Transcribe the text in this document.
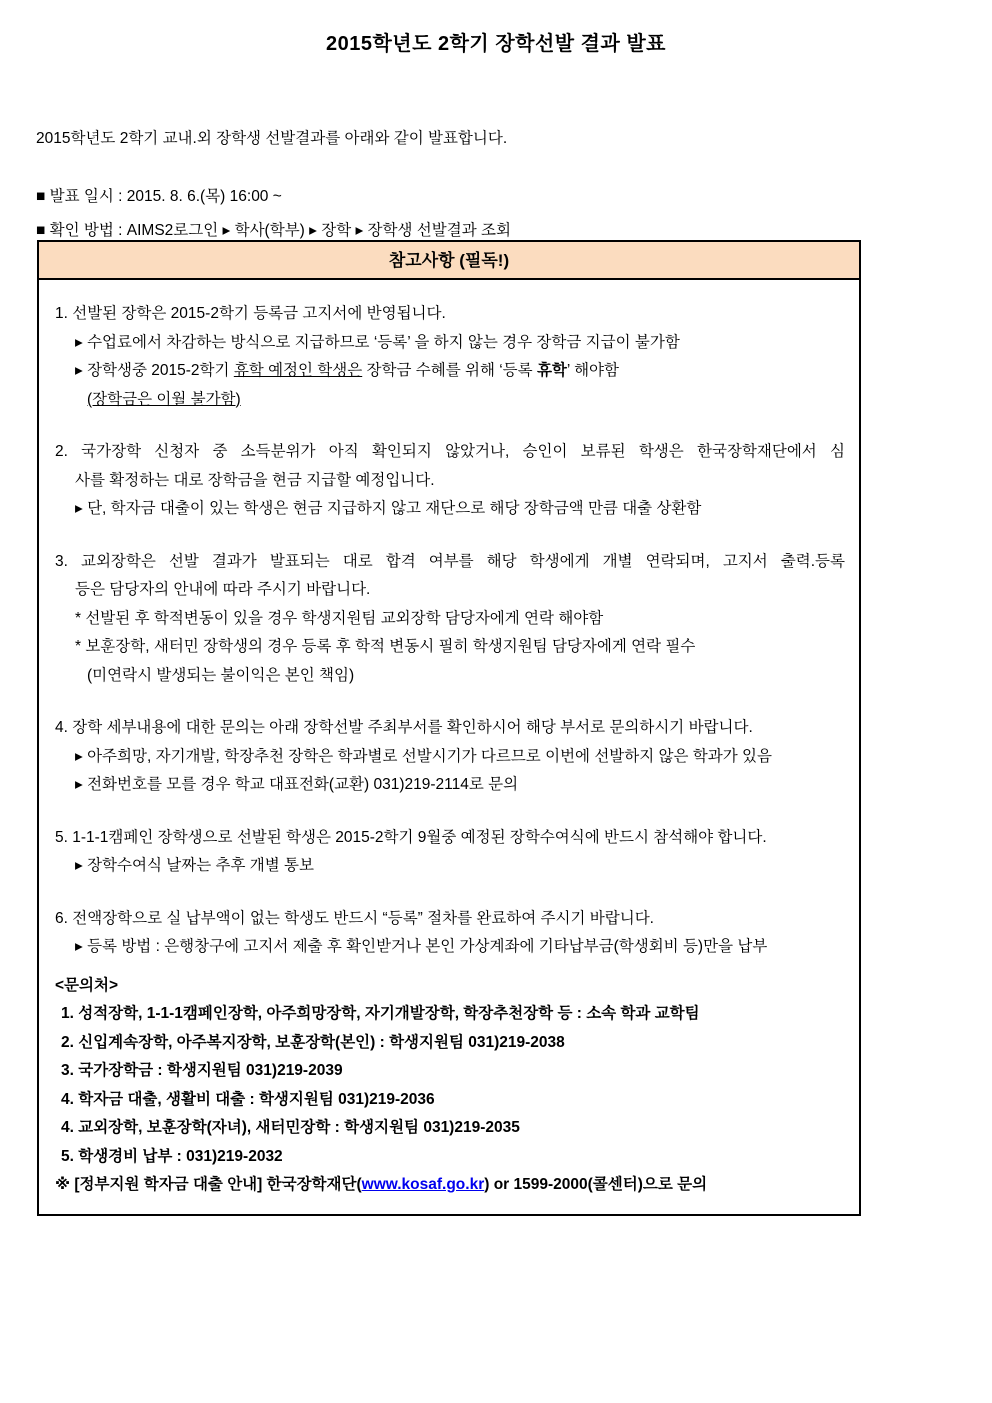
2015학년도 2학기 장학선발 결과 발표
2015학년도 2학기 교내.외 장학생 선발결과를 아래와 같이 발표합니다.
■ 발표 일시 : 2015. 8. 6.(목) 16:00 ~
■ 확인 방법 : AIMS2로그인 ▸ 학사(학부) ▸ 장학 ▸ 장학생 선발결과 조회
참고사항 (필독!)
1. 선발된 장학은 2015-2학기 등록금 고지서에 반영됩니다.
▸ 수업료에서 차감하는 방식으로 지급하므로 ‘등록’ 을 하지 않는 경우 장학금 지급이 불가함
▸ 장학생중 2015-2학기 휴학 예정인 학생은 장학금 수혜를 위해 ‘등록 휴학’ 해야함
(장학금은 이월 불가함)
2. 국가장학 신청자 중 소득분위가 아직 확인되지 않았거나, 승인이 보류된 학생은 한국장학재단에서 심
사를 확정하는 대로 장학금을 현금 지급할 예정입니다.
▸ 단, 학자금 대출이 있는 학생은 현금 지급하지 않고 재단으로 해당 장학금액 만큼 대출 상환함
3. 교외장학은 선발 결과가 발표되는 대로 합격 여부를 해당 학생에게 개별 연락되며, 고지서 출력.등록
등은 담당자의 안내에 따라 주시기 바랍니다.
* 선발된 후 학적변동이 있을 경우 학생지원팀 교외장학 담당자에게 연락 해야함
* 보훈장학, 새터민 장학생의 경우 등록 후 학적 변동시 필히 학생지원팀 담당자에게 연락 필수
(미연락시 발생되는 불이익은 본인 책임)
4. 장학 세부내용에 대한 문의는 아래 장학선발 주최부서를 확인하시어 해당 부서로 문의하시기 바랍니다.
▸ 아주희망, 자기개발, 학장추천 장학은 학과별로 선발시기가 다르므로 이번에 선발하지 않은 학과가 있음
▸ 전화번호를 모를 경우 학교 대표전화(교환) 031)219-2114로 문의
5. 1-1-1캠페인 장학생으로 선발된 학생은 2015-2학기 9월중 예정된 장학수여식에 반드시 참석해야 합니다.
▸ 장학수여식 날짜는 추후 개별 통보
6. 전액장학으로 실 납부액이 없는 학생도 반드시 “등록” 절차를 완료하여 주시기 바랍니다.
▸ 등록 방법 : 은행창구에 고지서 제출 후 확인받거나 본인 가상계좌에 기타납부금(학생회비 등)만을 납부
<문의처>
1. 성적장학, 1-1-1캠페인장학, 아주희망장학, 자기개발장학, 학장추천장학 등 : 소속 학과 교학팀
2. 신입계속장학, 아주복지장학, 보훈장학(본인) : 학생지원팀 031)219-2038
3. 국가장학금 : 학생지원팀 031)219-2039
4. 학자금 대출, 생활비 대출 : 학생지원팀 031)219-2036
4. 교외장학, 보훈장학(자녀), 새터민장학 : 학생지원팀 031)219-2035
5. 학생경비 납부 : 031)219-2032
※ [정부지원 학자금 대출 안내] 한국장학재단(www.kosaf.go.kr) or 1599-2000(콜센터)으로 문의
